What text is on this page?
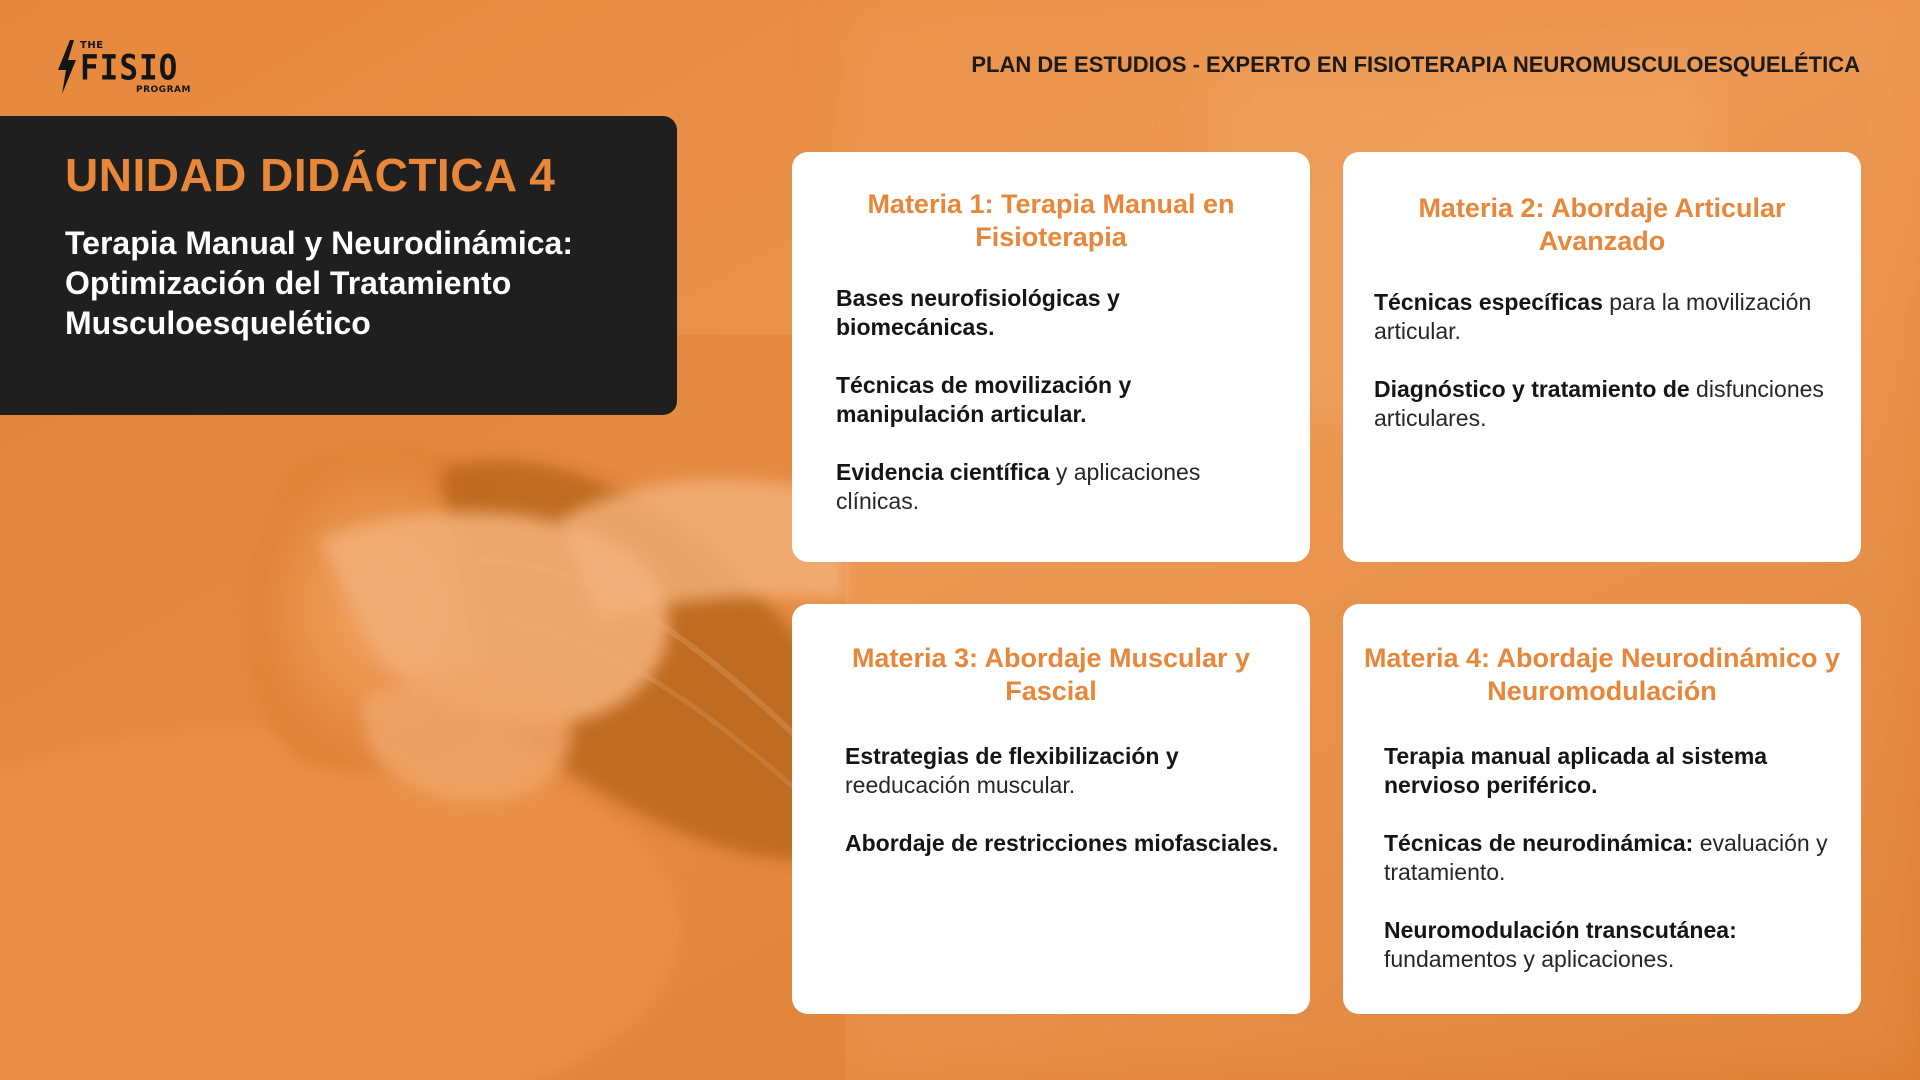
THE
FISIO
PROGRAM
PLAN DE ESTUDIOS - EXPERTO EN FISIOTERAPIA NEUROMUSCULOESQUELÉTICA
UNIDAD DIDÁCTICA 4

Terapia Manual y Neurodinámica: Optimización del Tratamiento Musculoesquelético

Materia 1: Terapia Manual en Fisioterapia

Bases neurofisiológicas y biomecánicas.

Técnicas de movilización y manipulación articular.

Evidencia científica y aplicaciones clínicas.

Materia 2: Abordaje Articular Avanzado

Técnicas específicas para la movilización articular.

Diagnóstico y tratamiento de disfunciones articulares.

Materia 3: Abordaje Muscular y Fascial

Estrategias de flexibilización y reeducación muscular.

Abordaje de restricciones miofasciales.

Materia 4: Abordaje Neurodinámico y Neuromodulación

Terapia manual aplicada al sistema nervioso periférico.

Técnicas de neurodinámica: evaluación y tratamiento.

Neuromodulación transcutánea: fundamentos y aplicaciones.
